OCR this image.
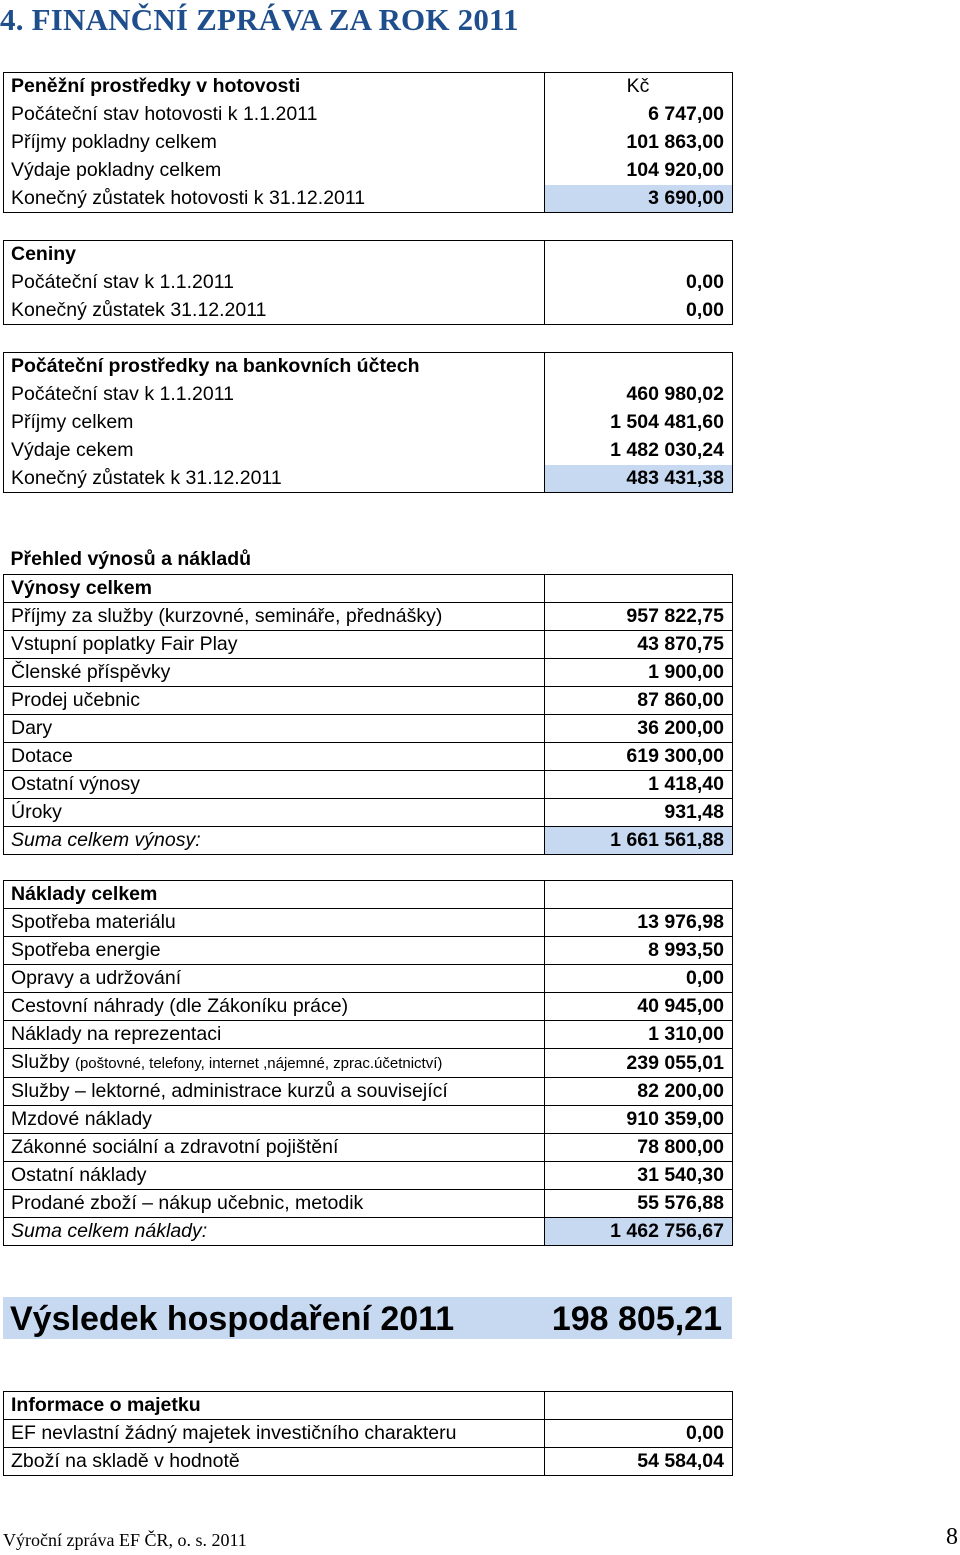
4. FINANČNÍ ZPRÁVA ZA ROK 2011
Peněžní prostředky v hotovosti	Kč
Počáteční stav hotovosti k 1.1.2011	6 747,00
Příjmy pokladny celkem	101 863,00
Výdaje pokladny celkem	104 920,00
Konečný zůstatek hotovosti k 31.12.2011	3 690,00
Ceniny	
Počáteční stav k 1.1.2011	0,00
Konečný zůstatek 31.12.2011	0,00
Počáteční prostředky na bankovních účtech	
Počáteční stav k 1.1.2011	460 980,02
Příjmy celkem	1 504 481,60
Výdaje cekem	1 482 030,24
Konečný zůstatek k 31.12.2011	483 431,38
Přehled výnosů a nákladů	
Výnosy celkem	
Příjmy za služby (kurzovné, semináře, přednášky)	957 822,75
Vstupní poplatky Fair Play	43 870,75
Členské příspěvky	1 900,00
Prodej učebnic	87 860,00
Dary	36 200,00
Dotace	619 300,00
Ostatní výnosy	1 418,40
Úroky	931,48
Suma celkem výnosy:	1 661 561,88
Náklady celkem	
Spotřeba materiálu	13 976,98
Spotřeba energie	8 993,50
Opravy a udržování	0,00
Cestovní náhrady (dle Zákoníku práce)	40 945,00
Náklady na reprezentaci	1 310,00
Služby (poštovné, telefony, internet ,nájemné, zprac.účetnictví)	239 055,01
Služby – lektorné, administrace kurzů a související	82 200,00
Mzdové náklady	910 359,00
Zákonné sociální a zdravotní pojištění	78 800,00
Ostatní náklady	31 540,30
Prodané zboží – nákup učebnic, metodik	55 576,88
Suma celkem náklady:	1 462 756,67
Výsledek hospodaření 2011	198 805,21
Informace o majetku	
EF nevlastní žádný majetek investičního charakteru	0,00
Zboží na skladě v hodnotě	54 584,04
Výroční zpráva EF ČR, o. s. 2011	8
